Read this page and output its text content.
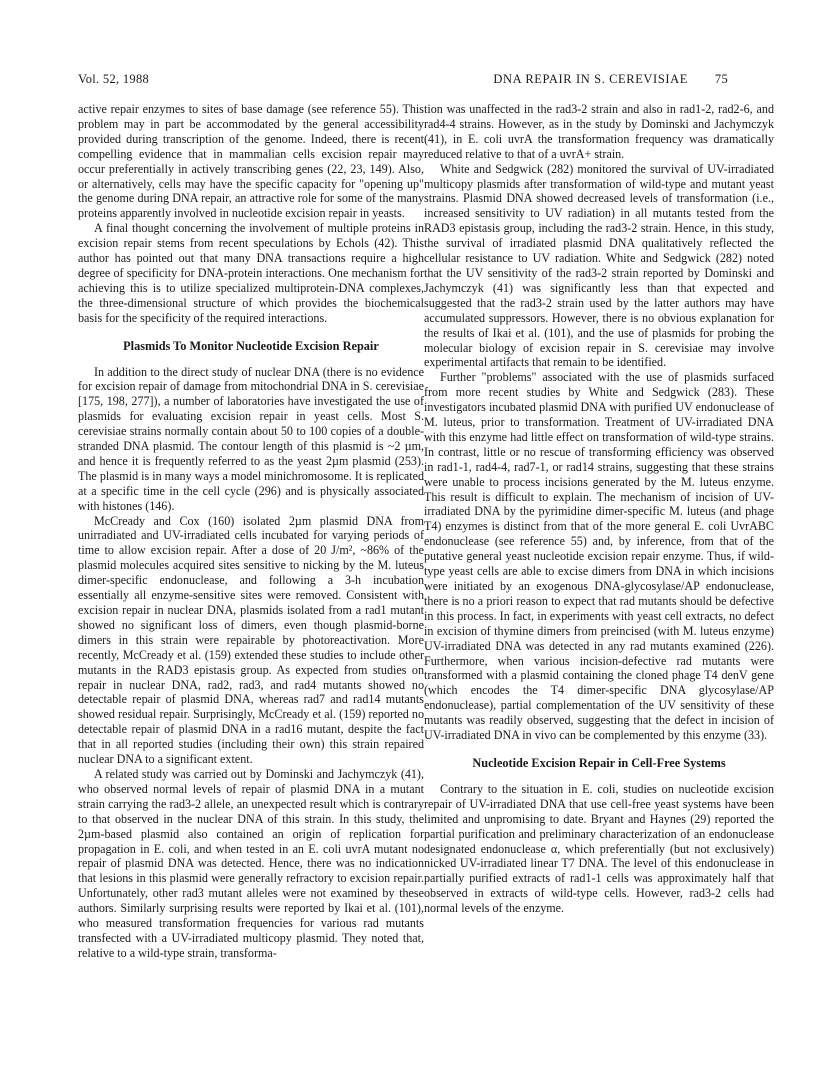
Vol. 52, 1988	DNA REPAIR IN S. CEREVISIAE 75

active repair enzymes to sites of base damage (see reference 55). This problem may in part be accommodated by the general accessibility provided during transcription of the genome. Indeed, there is recent compelling evidence that in mammalian cells excision repair may occur preferentially in actively transcribing genes (22, 23, 149). Also, or alternatively, cells may have the specific capacity for "opening up" the genome during DNA repair, an attractive role for some of the many proteins apparently involved in nucleotide excision repair in yeasts.

A final thought concerning the involvement of multiple proteins in excision repair stems from recent speculations by Echols (42). This author has pointed out that many DNA transactions require a high degree of specificity for DNA-protein interactions. One mechanism for achieving this is to utilize specialized multiprotein-DNA complexes, the three-dimensional structure of which provides the biochemical basis for the specificity of the required interactions.

Plasmids To Monitor Nucleotide Excision Repair

In addition to the direct study of nuclear DNA (there is no evidence for excision repair of damage from mitochondrial DNA in S. cerevisiae [175, 198, 277]), a number of laboratories have investigated the use of plasmids for evaluating excision repair in yeast cells. Most S. cerevisiae strains normally contain about 50 to 100 copies of a double-stranded DNA plasmid. The contour length of this plasmid is ~2 µm, and hence it is frequently referred to as the yeast 2µm plasmid (253). The plasmid is in many ways a model minichromosome. It is replicated at a specific time in the cell cycle (296) and is physically associated with histones (146).

McCready and Cox (160) isolated 2µm plasmid DNA from unirradiated and UV-irradiated cells incubated for varying periods of time to allow excision repair. After a dose of 20 J/m², ~86% of the plasmid molecules acquired sites sensitive to nicking by the M. luteus dimer-specific endonuclease, and following a 3-h incubation essentially all enzyme-sensitive sites were removed. Consistent with excision repair in nuclear DNA, plasmids isolated from a rad1 mutant showed no significant loss of dimers, even though plasmid-borne dimers in this strain were repairable by photoreactivation. More recently, McCready et al. (159) extended these studies to include other mutants in the RAD3 epistasis group. As expected from studies on repair in nuclear DNA, rad2, rad3, and rad4 mutants showed no detectable repair of plasmid DNA, whereas rad7 and rad14 mutants showed residual repair. Surprisingly, McCready et al. (159) reported no detectable repair of plasmid DNA in a rad16 mutant, despite the fact that in all reported studies (including their own) this strain repaired nuclear DNA to a significant extent.

A related study was carried out by Dominski and Jachymczyk (41), who observed normal levels of repair of plasmid DNA in a mutant strain carrying the rad3-2 allele, an unexpected result which is contrary to that observed in the nuclear DNA of this strain. In this study, the 2µm-based plasmid also contained an origin of replication for propagation in E. coli, and when tested in an E. coli uvrA mutant no repair of plasmid DNA was detected. Hence, there was no indication that lesions in this plasmid were generally refractory to excision repair. Unfortunately, other rad3 mutant alleles were not examined by these authors. Similarly surprising results were reported by Ikai et al. (101), who measured transformation frequencies for various rad mutants transfected with a UV-irradiated multicopy plasmid. They noted that, relative to a wild-type strain, transforma-

tion was unaffected in the rad3-2 strain and also in rad1-2, rad2-6, and rad4-4 strains. However, as in the study by Dominski and Jachymczyk (41), in E. coli uvrA the transformation frequency was dramatically reduced relative to that of a uvrA+ strain.

White and Sedgwick (282) monitored the survival of UV-irradiated multicopy plasmids after transformation of wild-type and mutant yeast strains. Plasmid DNA showed decreased levels of transformation (i.e., increased sensitivity to UV radiation) in all mutants tested from the RAD3 epistasis group, including the rad3-2 strain. Hence, in this study, the survival of irradiated plasmid DNA qualitatively reflected the cellular resistance to UV radiation. White and Sedgwick (282) noted that the UV sensitivity of the rad3-2 strain reported by Dominski and Jachymczyk (41) was significantly less than that expected and suggested that the rad3-2 strain used by the latter authors may have accumulated suppressors. However, there is no obvious explanation for the results of Ikai et al. (101), and the use of plasmids for probing the molecular biology of excision repair in S. cerevisiae may involve experimental artifacts that remain to be identified.

Further "problems" associated with the use of plasmids surfaced from more recent studies by White and Sedgwick (283). These investigators incubated plasmid DNA with purified UV endonuclease of M. luteus, prior to transformation. Treatment of UV-irradiated DNA with this enzyme had little effect on transformation of wild-type strains. In contrast, little or no rescue of transforming efficiency was observed in rad1-1, rad4-4, rad7-1, or rad14 strains, suggesting that these strains were unable to process incisions generated by the M. luteus enzyme. This result is difficult to explain. The mechanism of incision of UV-irradiated DNA by the pyrimidine dimer-specific M. luteus (and phage T4) enzymes is distinct from that of the more general E. coli UvrABC endonuclease (see reference 55) and, by inference, from that of the putative general yeast nucleotide excision repair enzyme. Thus, if wild-type yeast cells are able to excise dimers from DNA in which incisions were initiated by an exogenous DNA-glycosylase/AP endonuclease, there is no a priori reason to expect that rad mutants should be defective in this process. In fact, in experiments with yeast cell extracts, no defect in excision of thymine dimers from preincised (with M. luteus enzyme) UV-irradiated DNA was detected in any rad mutants examined (226). Furthermore, when various incision-defective rad mutants were transformed with a plasmid containing the cloned phage T4 denV gene (which encodes the T4 dimer-specific DNA glycosylase/AP endonuclease), partial complementation of the UV sensitivity of these mutants was readily observed, suggesting that the defect in incision of UV-irradiated DNA in vivo can be complemented by this enzyme (33).

Nucleotide Excision Repair in Cell-Free Systems

Contrary to the situation in E. coli, studies on nucleotide excision repair of UV-irradiated DNA that use cell-free yeast systems have been limited and unpromising to date. Bryant and Haynes (29) reported the partial purification and preliminary characterization of an endonuclease designated endonuclease α, which preferentially (but not exclusively) nicked UV-irradiated linear T7 DNA. The level of this endonuclease in partially purified extracts of rad1-1 cells was approximately half that observed in extracts of wild-type cells. However, rad3-2 cells had normal levels of the enzyme.
